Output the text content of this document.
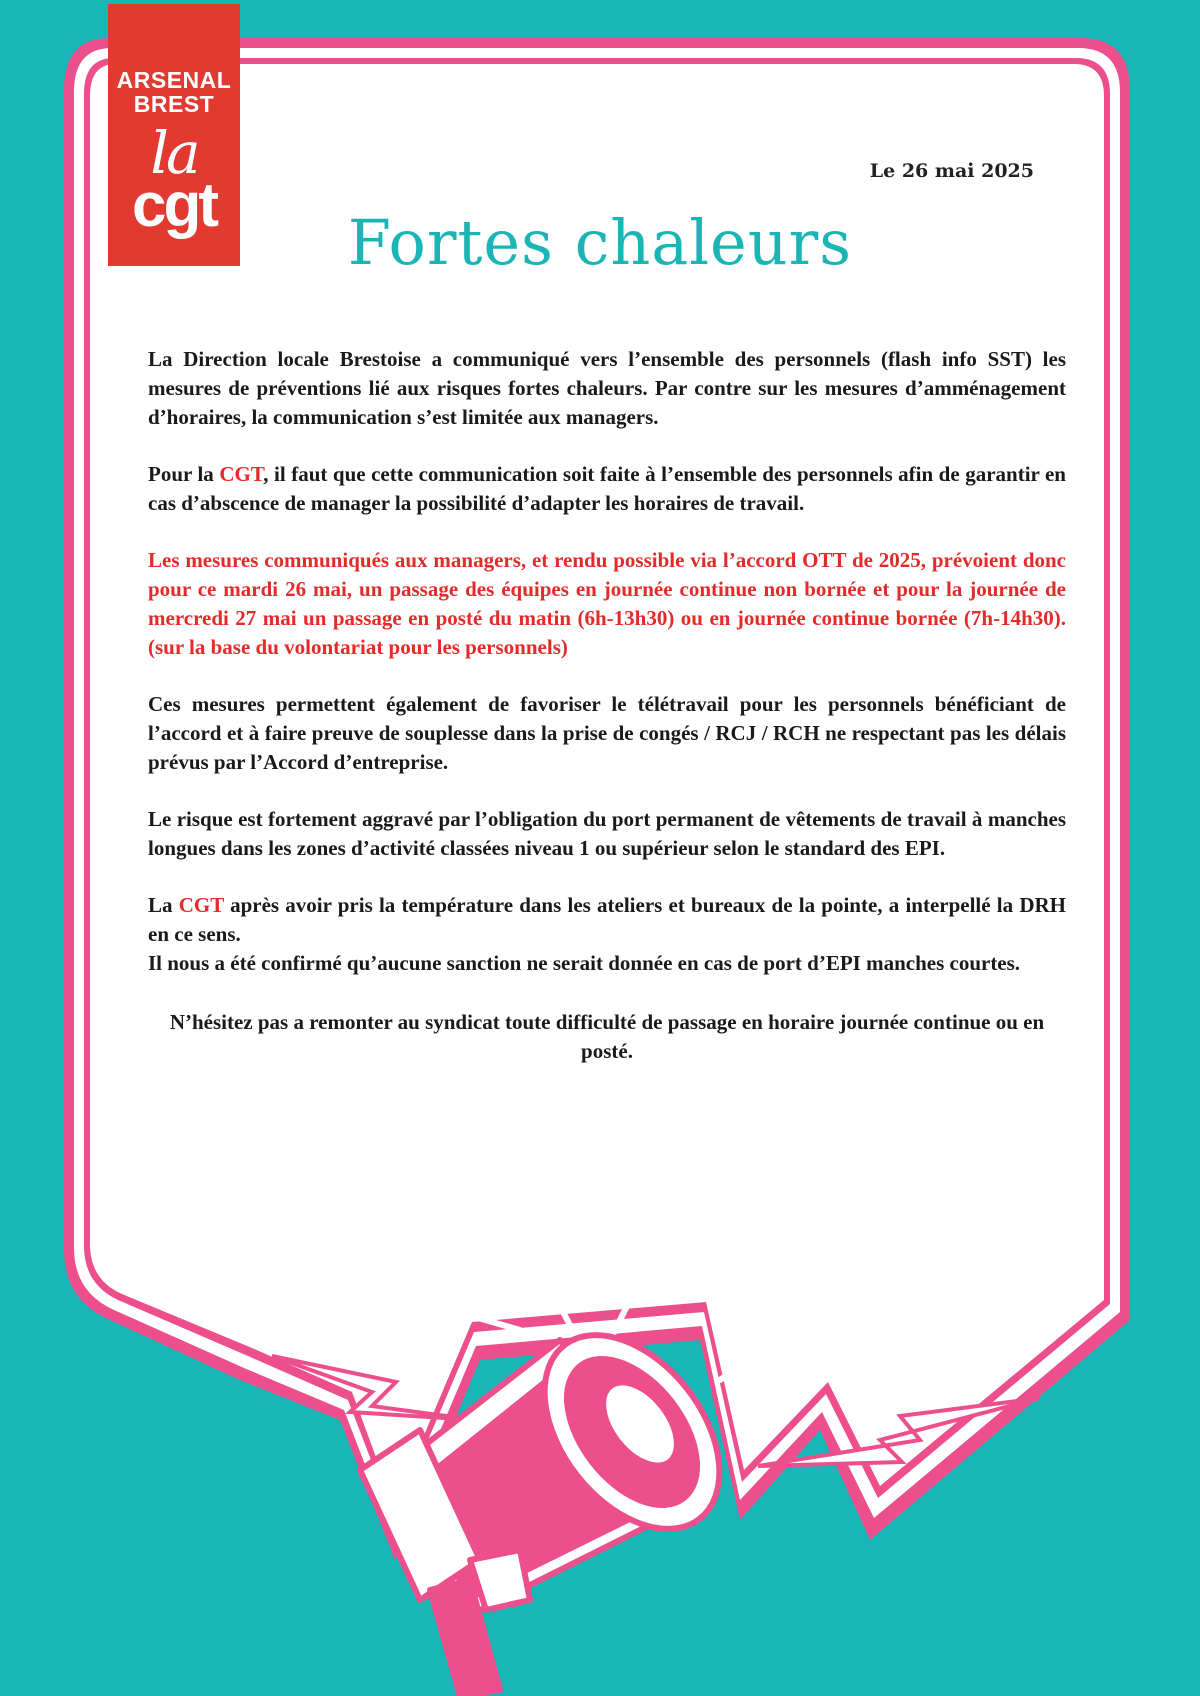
ARSENAL
BREST
la
cgt	Le 26 mai 2025
Fortes chaleurs

La Direction locale Brestoise a communiqué vers l’ensemble des personnels (flash info SST) les mesures de préventions lié aux risques fortes chaleurs. Par contre sur les mesures d’amménagement d’horaires, la communication s’est limitée aux managers.

Pour la CGT, il faut que cette communication soit faite à l’ensemble des personnels afin de garantir en cas d’abscence de manager la possibilité d’adapter les horaires de travail.

Les mesures communiqués aux managers, et rendu possible via l’accord OTT de 2025, prévoient donc pour ce mardi 26 mai, un passage des équipes en journée continue non bornée et pour la journée de mercredi 27 mai un passage en posté du matin (6h-13h30) ou en journée continue bornée (7h-14h30). (sur la base du volontariat pour les personnels)

Ces mesures permettent également de favoriser le télétravail pour les personnels bénéficiant de l’accord et à faire preuve de souplesse dans la prise de congés / RCJ / RCH ne respectant pas les délais prévus par l’Accord d’entreprise.

Le risque est fortement aggravé par l’obligation du port permanent de vêtements de travail à manches longues dans les zones d’activité classées niveau 1 ou supérieur selon le standard des EPI.

La CGT après avoir pris la température dans les ateliers et bureaux de la pointe, a interpellé la DRH en ce sens.

Il nous a été confirmé qu’aucune sanction ne serait donnée en cas de port d’EPI manches courtes.

N’hésitez pas a remonter au syndicat toute difficulté de passage en horaire journée continue ou en posté.
